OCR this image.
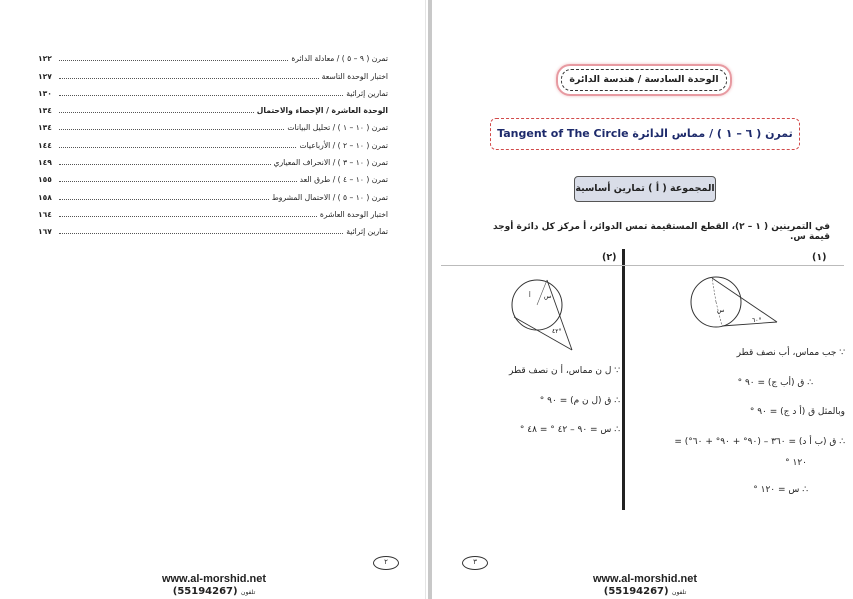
١٢٢	تمرن ( ٩ – ٥ ) / معادلة الدائرة
١٢٧	اختبار الوحدة التاسعة
١٣٠	تمارين إثرائية
١٣٤	الوحدة العاشرة / الإحصاء والاحتمال
١٣٤	تمرن ( ١٠ – ١ ) / تحليل البيانات
١٤٤	تمرن ( ١٠ – ٢ ) / الأرباعيات
١٤٩	تمرن ( ١٠ – ٣ ) / الانحراف المعياري
١٥٥	تمرن ( ١٠ – ٤ ) / طرق العد
١٥٨	تمرن ( ١٠ – ٥ ) / الاحتمال المشروط
١٦٤	اختبار الوحدة العاشرة
١٦٧	تمارين إثرائية
٢
www.al-morshid.net
(55194267) تلفون
الوحدة السادسة / هندسة الدائرة
تمرن ( ٦ – ١ ) / مماس الدائرة Tangent of The Circle
المجموعة ( أ ) تمارين أساسية
في التمرينين ( ١ – ٢)، القطع المستقيمة تمس الدوائر، أ مركز كل دائرة أوجد قيمة س.
(١)
س
٦٠°
∵ جب مماس، أب نصف قطر
∴ ق (أب ج) = ٩٠ °
وبالمثل ق (أ د ج) = ٩٠ °
∴ ق (ب أ د) = ٣٦٠ – (٩٠° + ٩٠° + ٦٠°) =
١٢٠ °
∴ س = ١٢٠ °
(٢)
أ س
٤٢°
∵ ل ن مماس، أ ن نصف قطر
∴ ق (ل ن م) = ٩٠ °
∴ س = ٩٠ – ٤٢ ° = ٤٨ °
٣
www.al-morshid.net
(55194267) تلفون
